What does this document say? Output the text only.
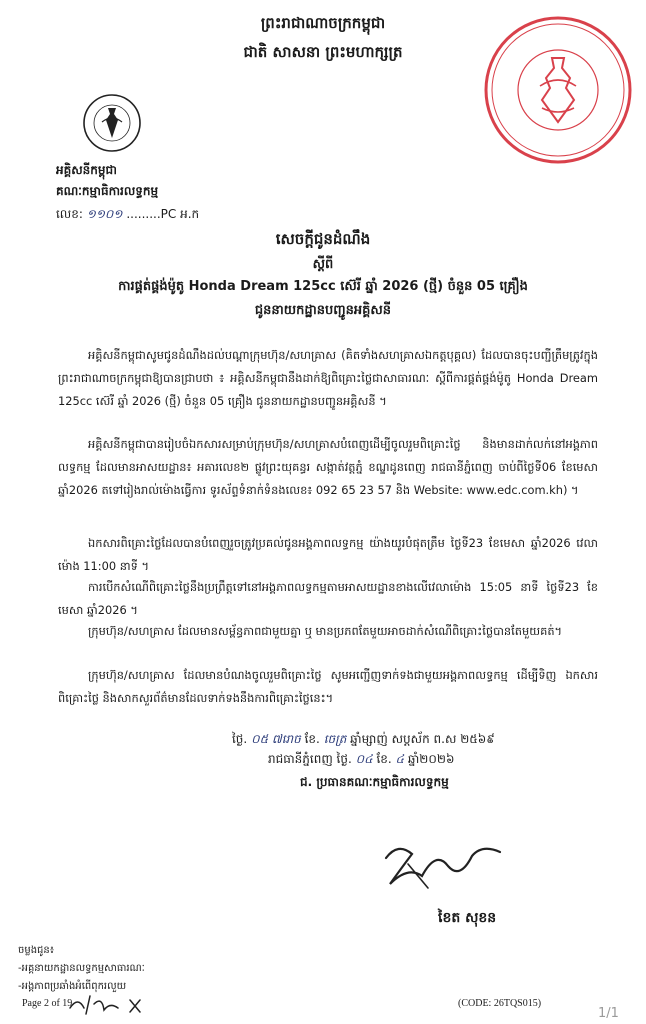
ព្រះរាជាណាចក្រកម្ពុជា
ជាតិ សាសនា ព្រះមហាក្សត្រ
អគ្គិសនីកម្ពុជា
គណៈកម្មាធិការលទ្ធកម្ម
លេខ: ១១០១ .........PC អ.ក
សេចក្តីជូនដំណឹង
ស្តីពី
ការផ្គត់ផ្គង់ម៉ូតូ Honda Dream 125cc ស៊េរី ឆ្នាំ 2026 (ថ្មី) ចំនួន 05 គ្រឿង
ជូននាយកដ្ឋានបញ្ជូនអគ្គិសនី
អគ្គិសនីកម្ពុជាសូមជូនដំណឹងដល់បណ្តាក្រុមហ៊ុន/សហគ្រាស (គិតទាំងសហគ្រាសឯកត្តបុគ្គល) ដែលបានចុះបញ្ជីត្រឹមត្រូវក្នុងព្រះរាជាណាចក្រកម្ពុជាឱ្យបានជ្រាបថា ៖ អគ្គិសនីកម្ពុជានឹងដាក់ឱ្យពិគ្រោះថ្លៃជាសាធារណៈ ស្តីពីការផ្គត់ផ្គង់ម៉ូតូ Honda Dream 125cc ស៊េរី ឆ្នាំ 2026 (ថ្មី) ចំនួន 05 គ្រឿង ជូននាយកដ្ឋានបញ្ជូនអគ្គិសនី ។
អគ្គិសនីកម្ពុជាបានរៀបចំឯកសារសម្រាប់ក្រុមហ៊ុន/សហគ្រាសបំពេញដើម្បីចូលរួមពិគ្រោះថ្លៃ និងមានដាក់លក់នៅអង្គភាពលទ្ធកម្ម ដែលមានអាសយដ្ឋាន៖ អគារលេខ២ ផ្លូវព្រះយុគន្ធរ សង្កាត់វត្តភ្នំ ខណ្ឌដូនពេញ រាជធានីភ្នំពេញ ចាប់ពីថ្ងៃទី06 ខែមេសា ឆ្នាំ2026 តទៅរៀងរាល់ម៉ោងធ្វើការ ទូរស័ព្ទទំនាក់ទំនងលេខ៖ 092 65 23 57 និង Website: www.edc.com.kh) ។
ឯកសារពិគ្រោះថ្លៃដែលបានបំពេញរួចត្រូវប្រគល់ជូនអង្គភាពលទ្ធកម្ម យ៉ាងយូរបំផុតត្រឹម ថ្ងៃទី23 ខែមេសា ឆ្នាំ2026 វេលាម៉ោង 11:00 នាទី ។
ការបើកសំណើពិគ្រោះថ្លៃនឹងប្រព្រឹត្តទៅនៅអង្គភាពលទ្ធកម្មតាមអាសយដ្ឋានខាងលើវេលាម៉ោង 15:05 នាទី ថ្ងៃទី23 ខែមេសា ឆ្នាំ2026 ។
ក្រុមហ៊ុន/សហគ្រាស ដែលមានសម្ព័ន្ធភាពជាមួយគ្នា ឬ មានប្រភពតែមួយអាចដាក់សំណើពិគ្រោះថ្លៃបានតែមួយគត់។
ក្រុមហ៊ុន/សហគ្រាស ដែលមានបំណងចូលរួមពិគ្រោះថ្លៃ សូមអញ្ជើញទាក់ទងជាមួយអង្គភាពលទ្ធកម្ម ដើម្បីទិញ ឯកសារពិគ្រោះថ្លៃ និងសាកសួរព័ត៌មានដែលទាក់ទងនឹងការពិគ្រោះថ្លៃនេះ។
ថ្ងៃ. ០៥ ៧រោច ខែ. ចេត្រ ឆ្នាំម្សាញ់ សប្តស័ក ព.ស ២៥៦៩
រាជធានីភ្នំពេញ ថ្ងៃ. ០៤ ខែ. ៤ ឆ្នាំ២០២៦
ជ. ប្រធានគណៈកម្មាធិការលទ្ធកម្ម
ខៃត សុខន
ចម្លងជូន៖
-អគ្គនាយកដ្ឋានលទ្ធកម្មសាធារណៈ
-អង្គភាពប្រឆាំងអំពើពុករលួយ
Page 2 of 19	(CODE: 26TQS015)
1/1
